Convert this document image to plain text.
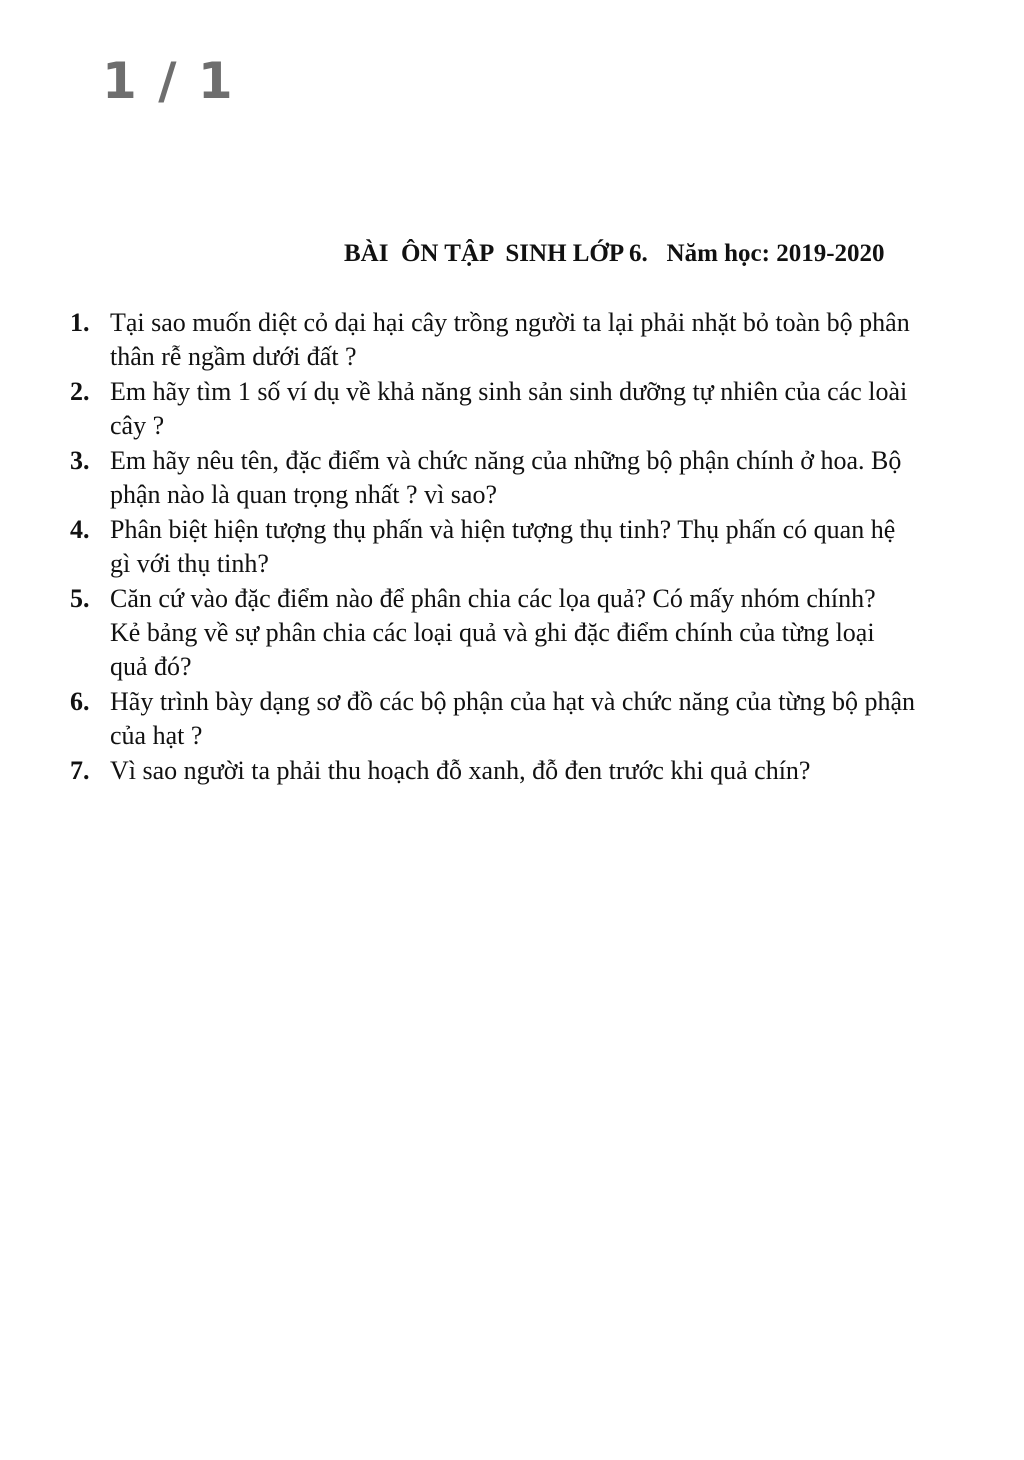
1 / 1
BÀI  ÔN TẬP  SINH LỚP 6.   Năm học: 2019-2020
1. Tại sao muốn diệt cỏ dại hại cây trồng người ta lại phải nhặt bỏ toàn bộ phân
thân rễ ngầm dưới đất ?
2. Em hãy tìm 1 số ví dụ về khả năng sinh sản sinh dưỡng tự nhiên của các loài
cây ?
3. Em hãy nêu tên, đặc điểm và chức năng của những bộ phận chính ở hoa. Bộ
phận nào là quan trọng nhất ? vì sao?
4. Phân biệt hiện tượng thụ phấn và hiện tượng thụ tinh? Thụ phấn có quan hệ
gì với thụ tinh?
5. Căn cứ vào đặc điểm nào để phân chia các lọa quả? Có mấy nhóm chính?
Kẻ bảng về sự phân chia các loại quả và ghi đặc điểm chính của từng loại
quả đó?
6. Hãy trình bày dạng sơ đồ các bộ phận của hạt và chức năng của từng bộ phận
của hạt ?
7. Vì sao người ta phải thu hoạch đỗ xanh, đỗ đen trước khi quả chín?
